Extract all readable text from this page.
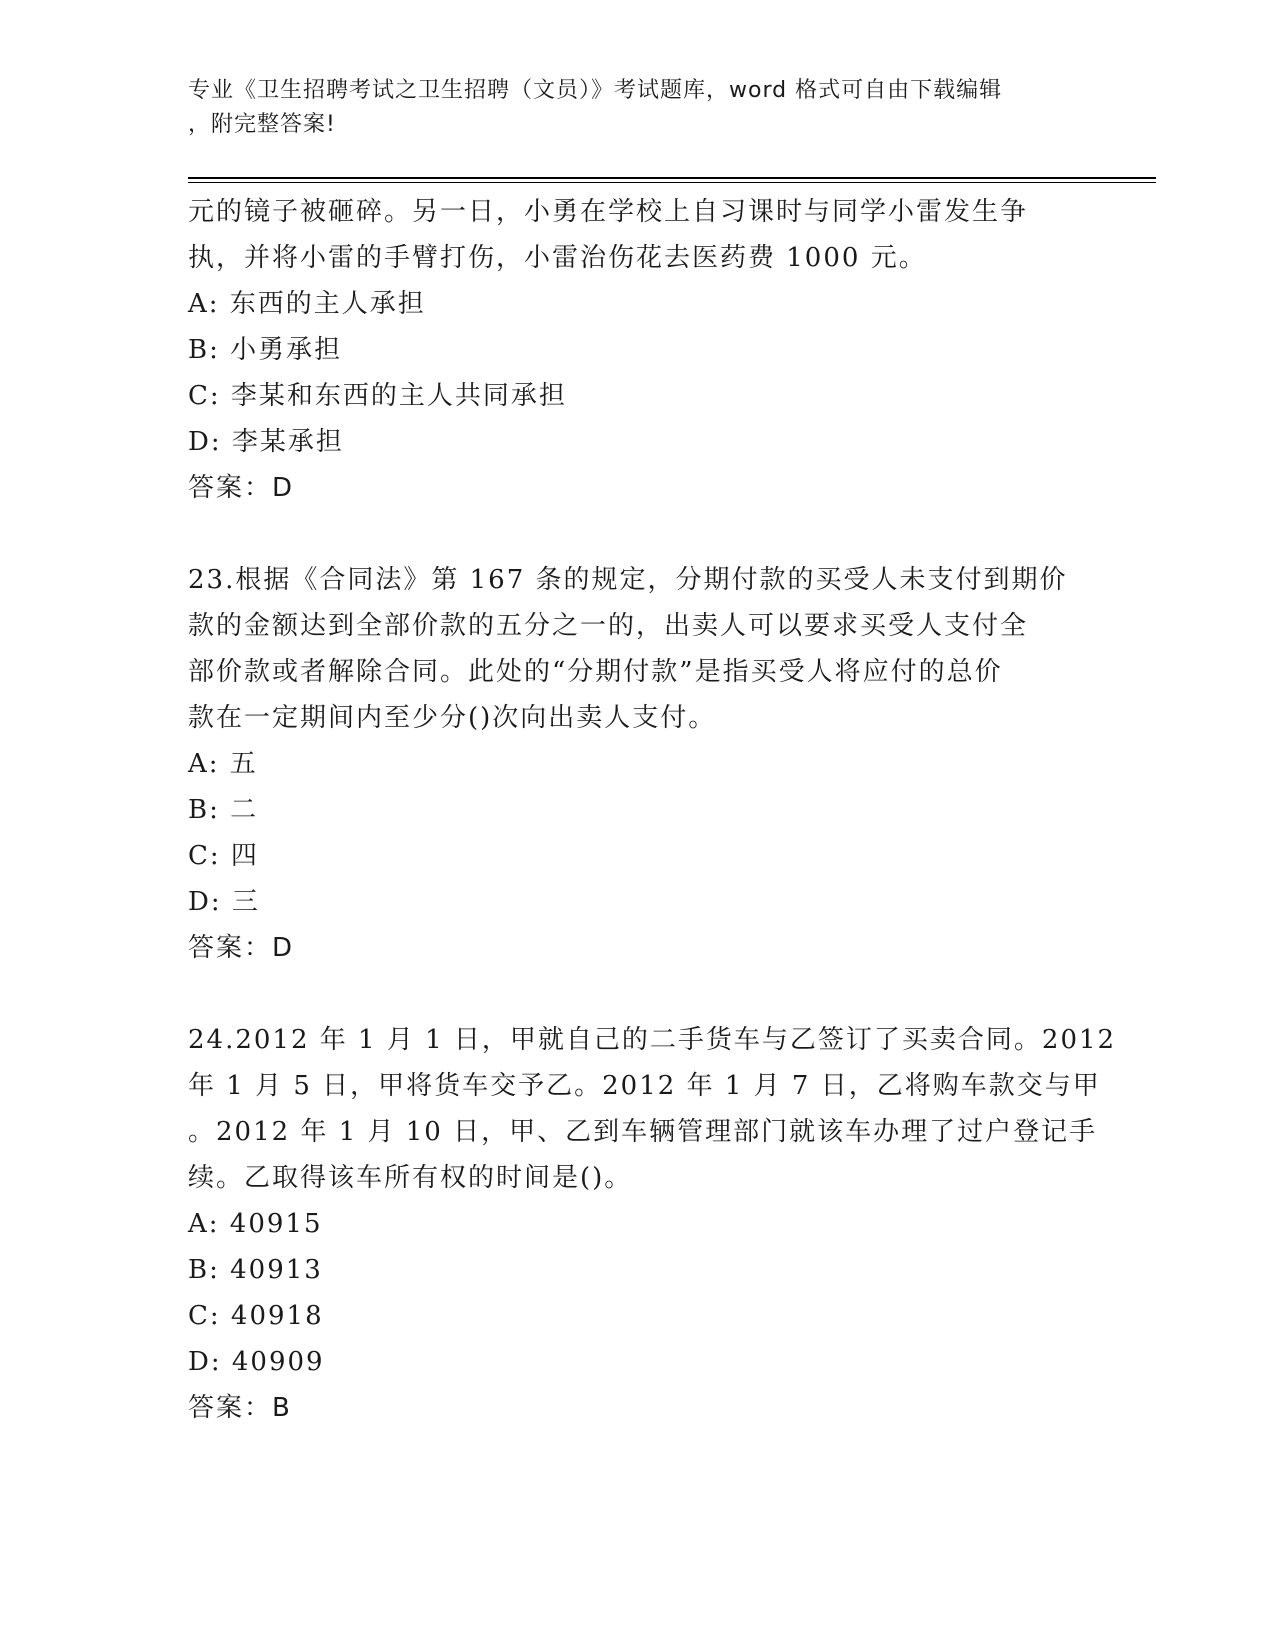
专业《卫生招聘考试之卫生招聘（文员）》考试题库，word 格式可自由下载编辑
，附完整答案!
元的镜子被砸碎。另一日，小勇在学校上自习课时与同学小雷发生争
执，并将小雷的手臂打伤，小雷治伤花去医药费 1000 元。
A: 东西的主人承担
B: 小勇承担
C: 李某和东西的主人共同承担
D: 李某承担
答案：D
23.根据《合同法》第 167 条的规定，分期付款的买受人未支付到期价
款的金额达到全部价款的五分之一的，出卖人可以要求买受人支付全
部价款或者解除合同。此处的“分期付款”是指买受人将应付的总价
款在一定期间内至少分()次向出卖人支付。
A: 五
B: 二
C: 四
D: 三
答案：D
24.2012 年 1 月 1 日，甲就自己的二手货车与乙签订了买卖合同。2012
年 1 月 5 日，甲将货车交予乙。2012 年 1 月 7 日，乙将购车款交与甲
。2012 年 1 月 10 日，甲、乙到车辆管理部门就该车办理了过户登记手
续。乙取得该车所有权的时间是()。
A: 40915
B: 40913
C: 40918
D: 40909
答案：B
